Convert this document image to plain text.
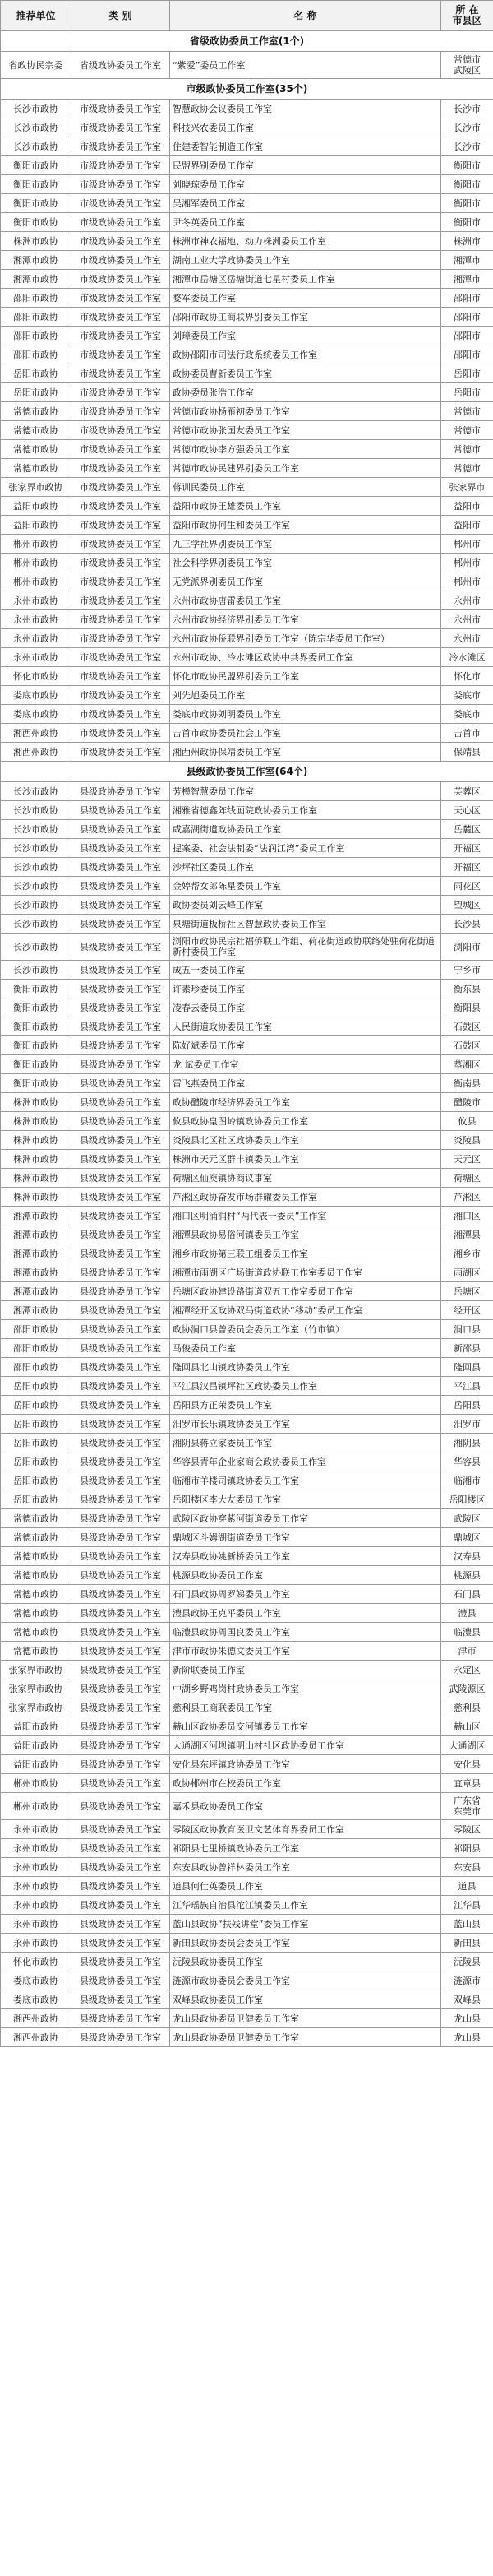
推荐单位	类 别	名 称	所 在
市县区
省级政协委员工作室(1个)			
省政协民宗委	省级政协委员工作室	“紫爱”委员工作室	常德市
武陵区
市级政协委员工作室(35个)			
长沙市政协	市级政协委员工作室	智慧政协会议委员工作室	长沙市
长沙市政协	市级政协委员工作室	科技兴农委员工作室	长沙市
长沙市政协	市级政协委员工作室	住建委智能制造工作室	长沙市
衡阳市政协	市级政协委员工作室	民盟界别委员工作室	衡阳市
衡阳市政协	市级政协委员工作室	刘晓琼委员工作室	衡阳市
衡阳市政协	市级政协委员工作室	吴湘军委员工作室	衡阳市
衡阳市政协	市级政协委员工作室	尹冬英委员工作室	衡阳市
株洲市政协	市级政协委员工作室	株洲市神农福地、动力株洲委员工作室	株洲市
湘潭市政协	市级政协委员工作室	湖南工业大学政协委员工作室	湘潭市
湘潭市政协	市级政协委员工作室	湘潭市岳塘区岳塘街道七星村委员工作室	湘潭市
邵阳市政协	市级政协委员工作室	婺军委员工作室	邵阳市
邵阳市政协	市级政协委员工作室	邵阳市政协工商联界别委员工作室	邵阳市
邵阳市政协	市级政协委员工作室	刘璋委员工作室	邵阳市
邵阳市政协	市级政协委员工作室	政协邵阳市司法行政系统委员工作室	邵阳市
岳阳市政协	市级政协委员工作室	政协委员曹新委员工作室	岳阳市
岳阳市政协	市级政协委员工作室	政协委员张浩工作室	岳阳市
常德市政协	市级政协委员工作室	常德市政协杨雁初委员工作室	常德市
常德市政协	市级政协委员工作室	常德市政协张国友委员工作室	常德市
常德市政协	市级政协委员工作室	常德市政协李方强委员工作室	常德市
常德市政协	市级政协委员工作室	常德市政协民建界别委员工作室	常德市
张家界市政协	市级政协委员工作室	蒋训民委员工作室	张家界市
益阳市政协	市级政协委员工作室	益阳市政协王雄委员工作室	益阳市
益阳市政协	市级政协委员工作室	益阳市政协何生和委员工作室	益阳市
郴州市政协	市级政协委员工作室	九三学社界别委员工作室	郴州市
郴州市政协	市级政协委员工作室	社会科学界别委员工作室	郴州市
郴州市政协	市级政协委员工作室	无党派界别委员工作室	郴州市
永州市政协	市级政协委员工作室	永州市政协唐雷委员工作室	永州市
永州市政协	市级政协委员工作室	永州市政协经济界别委员工作室	永州市
永州市政协	市级政协委员工作室	永州市政协侨联界别委员工作室（陈宗华委员工作室）	永州市
永州市政协	市级政协委员工作室	永州市政协、冷水滩区政协中共界委员工作室	冷水滩区
怀化市政协	市级政协委员工作室	怀化市政协民盟界别委员工作室	怀化市
娄底市政协	市级政协委员工作室	刘先旭委员工作室	娄底市
娄底市政协	市级政协委员工作室	娄底市政协刘明委员工作室	娄底市
湘西州政协	市级政协委员工作室	吉首市政协委员社会工作室	吉首市
湘西州政协	市级政协委员工作室	湘西州政协保靖委员工作室	保靖县
县级政协委员工作室(64个)			
长沙市政协	县级政协委员工作室	芳模智慧委员工作室	芙蓉区
长沙市政协	县级政协委员工作室	湘雅省德鑫阵线画院政协委员工作室	天心区
长沙市政协	县级政协委员工作室	咸嘉湖街道政协委员工作室	岳麓区
长沙市政协	县级政协委员工作室	提案委、社会法制委“法润江湾”委员工作室	开福区
长沙市政协	县级政协委员工作室	沙坪社区委员工作室	开福区
长沙市政协	县级政协委员工作室	金婷帮女郎陈星委员工作室	雨花区
长沙市政协	县级政协委员工作室	政协委员刘云峰工作室	望城区
长沙市政协	县级政协委员工作室	泉塘街道板桥社区智慧政协委员工作室	长沙县
长沙市政协	县级政协委员工作室	浏阳市政协民宗社福侨联工作组、荷花街道政协联络处驻荷花街道新村委员工作室	浏阳市
长沙市政协	县级政协委员工作室	成五一委员工作室	宁乡市
衡阳市政协	县级政协委员工作室	许素珍委员工作室	衡东县
衡阳市政协	县级政协委员工作室	凌春云委员工作室	衡阳县
衡阳市政协	县级政协委员工作室	人民街道政协委员工作室	石鼓区
衡阳市政协	县级政协委员工作室	陈好斌委员工作室	石鼓区
衡阳市政协	县级政协委员工作室	龙 斌委员工作室	蒸湘区
衡阳市政协	县级政协委员工作室	雷飞燕委员工作室	衡南县
株洲市政协	县级政协委员工作室	政协醴陵市经济界委员工作室	醴陵市
株洲市政协	县级政协委员工作室	攸县政协皇图岭镇政协委员工作室	攸县
株洲市政协	县级政协委员工作室	炎陵县北区社区政协委员工作室	炎陵县
株洲市政协	县级政协委员工作室	株洲市天元区群丰镇委员工作室	天元区
株洲市政协	县级政协委员工作室	荷塘区仙庾镇协商议事室	荷塘区
株洲市政协	县级政协委员工作室	芦淞区政协奋发市场群耀委员工作室	芦淞区
湘潭市政协	县级政协委员工作室	湘口区明涌润村“两代表一委员”工作室	湘口区
湘潭市政协	县级政协委员工作室	湘潭县政协易俗河镇委员工作室	湘潭县
湘潭市政协	县级政协委员工作室	湘乡市政协第三联工组委员工作室	湘乡市
湘潭市政协	县级政协委员工作室	湘潭市雨湖区广场街道政协联工作室委员工作室	雨湖区
湘潭市政协	县级政协委员工作室	岳塘区政协建设路街道双五工作室委员工作室	岳塘区
湘潭市政协	县级政协委员工作室	湘潭经开区政协双马街道政协“移动”委员工作室	经开区
邵阳市政协	县级政协委员工作室	政协洞口县曾委员会委员工作室（竹市镇）	洞口县
邵阳市政协	县级政协委员工作室	马俊委员工作室	新邵县
邵阳市政协	县级政协委员工作室	隆回县北山镇政协委员工作室	隆回县
岳阳市政协	县级政协委员工作室	平江县汉昌镇坪社区政协委员工作室	平江县
岳阳市政协	县级政协委员工作室	岳阳县方正荣委员工作室	岳阳县
岳阳市政协	县级政协委员工作室	汨罗市长乐镇政协委员工作室	汨罗市
岳阳市政协	县级政协委员工作室	湘阴县蒋立家委员工作室	湘阴县
岳阳市政协	县级政协委员工作室	华容县青年企业家商会政协委员工作室	华容县
岳阳市政协	县级政协委员工作室	临湘市羊楼司镇政协委员工作室	临湘市
岳阳市政协	县级政协委员工作室	岳阳楼区李大友委员工作室	岳阳楼区
常德市政协	县级政协委员工作室	武陵区政协穿紫河街道委员工作室	武陵区
常德市政协	县级政协委员工作室	鼎城区斗姆湖街道委员工作室	鼎城区
常德市政协	县级政协委员工作室	汉寿县政协姚新桥委员工作室	汉寿县
常德市政协	县级政协委员工作室	桃源县政协委员工作室	桃源县
常德市政协	县级政协委员工作室	石门县政协周罗娣委员工作室	石门县
常德市政协	县级政协委员工作室	澧县政协王克平委员工作室	澧县
常德市政协	县级政协委员工作室	临澧县政协周国良委员工作室	临澧县
常德市政协	县级政协委员工作室	津市市政协朱德文委员工作室	津市
张家界市政协	县级政协委员工作室	新阶联委员工作室	永定区
张家界市政协	县级政协委员工作室	中湖乡野鸡岗村政协委员工作室	武陵源区
张家界市政协	县级政协委员工作室	慈利县工商联委员工作室	慈利县
益阳市政协	县级政协委员工作室	赫山区政协委员交河镇委员工作室	赫山区
益阳市政协	县级政协委员工作室	大通湖区河坝镇明山村社区政协委员工作室	大通湖区
益阳市政协	县级政协委员工作室	安化县东坪镇政协委员工作室	安化县
郴州市政协	县级政协委员工作室	政协郴州市在校委员工作室	宜章县
郴州市政协	县级政协委员工作室	嘉禾县政协委员工作室	广东省
东莞市
永州市政协	县级政协委员工作室	零陵区政协教育医卫文艺体育界委员工作室	零陵区
永州市政协	县级政协委员工作室	祁阳县七里桥镇政协委员工作室	祁阳县
永州市政协	县级政协委员工作室	东安县政协曾祥林委员工作室	东安县
永州市政协	县级政协委员工作室	道县何仕英委员工作室	道县
永州市政协	县级政协委员工作室	江华瑶族自治县沱江镇委员工作室	江华县
永州市政协	县级政协委员工作室	蓝山县政协“扶残讲堂”委员工作室	蓝山县
永州市政协	县级政协委员工作室	新田县政协委员会委员工作室	新田县
怀化市政协	县级政协委员工作室	沅陵县政协委员工作室	沅陵县
娄底市政协	县级政协委员工作室	涟源市政协委员会委员工作室	涟源市
娄底市政协	县级政协委员工作室	双峰县政协委员工作室	双峰县
湘西州政协	县级政协委员工作室	龙山县政协委员卫健委员工作室	龙山县
湘西州政协	县级政协委员工作室	龙山县政协委员卫健委员工作室	龙山县
